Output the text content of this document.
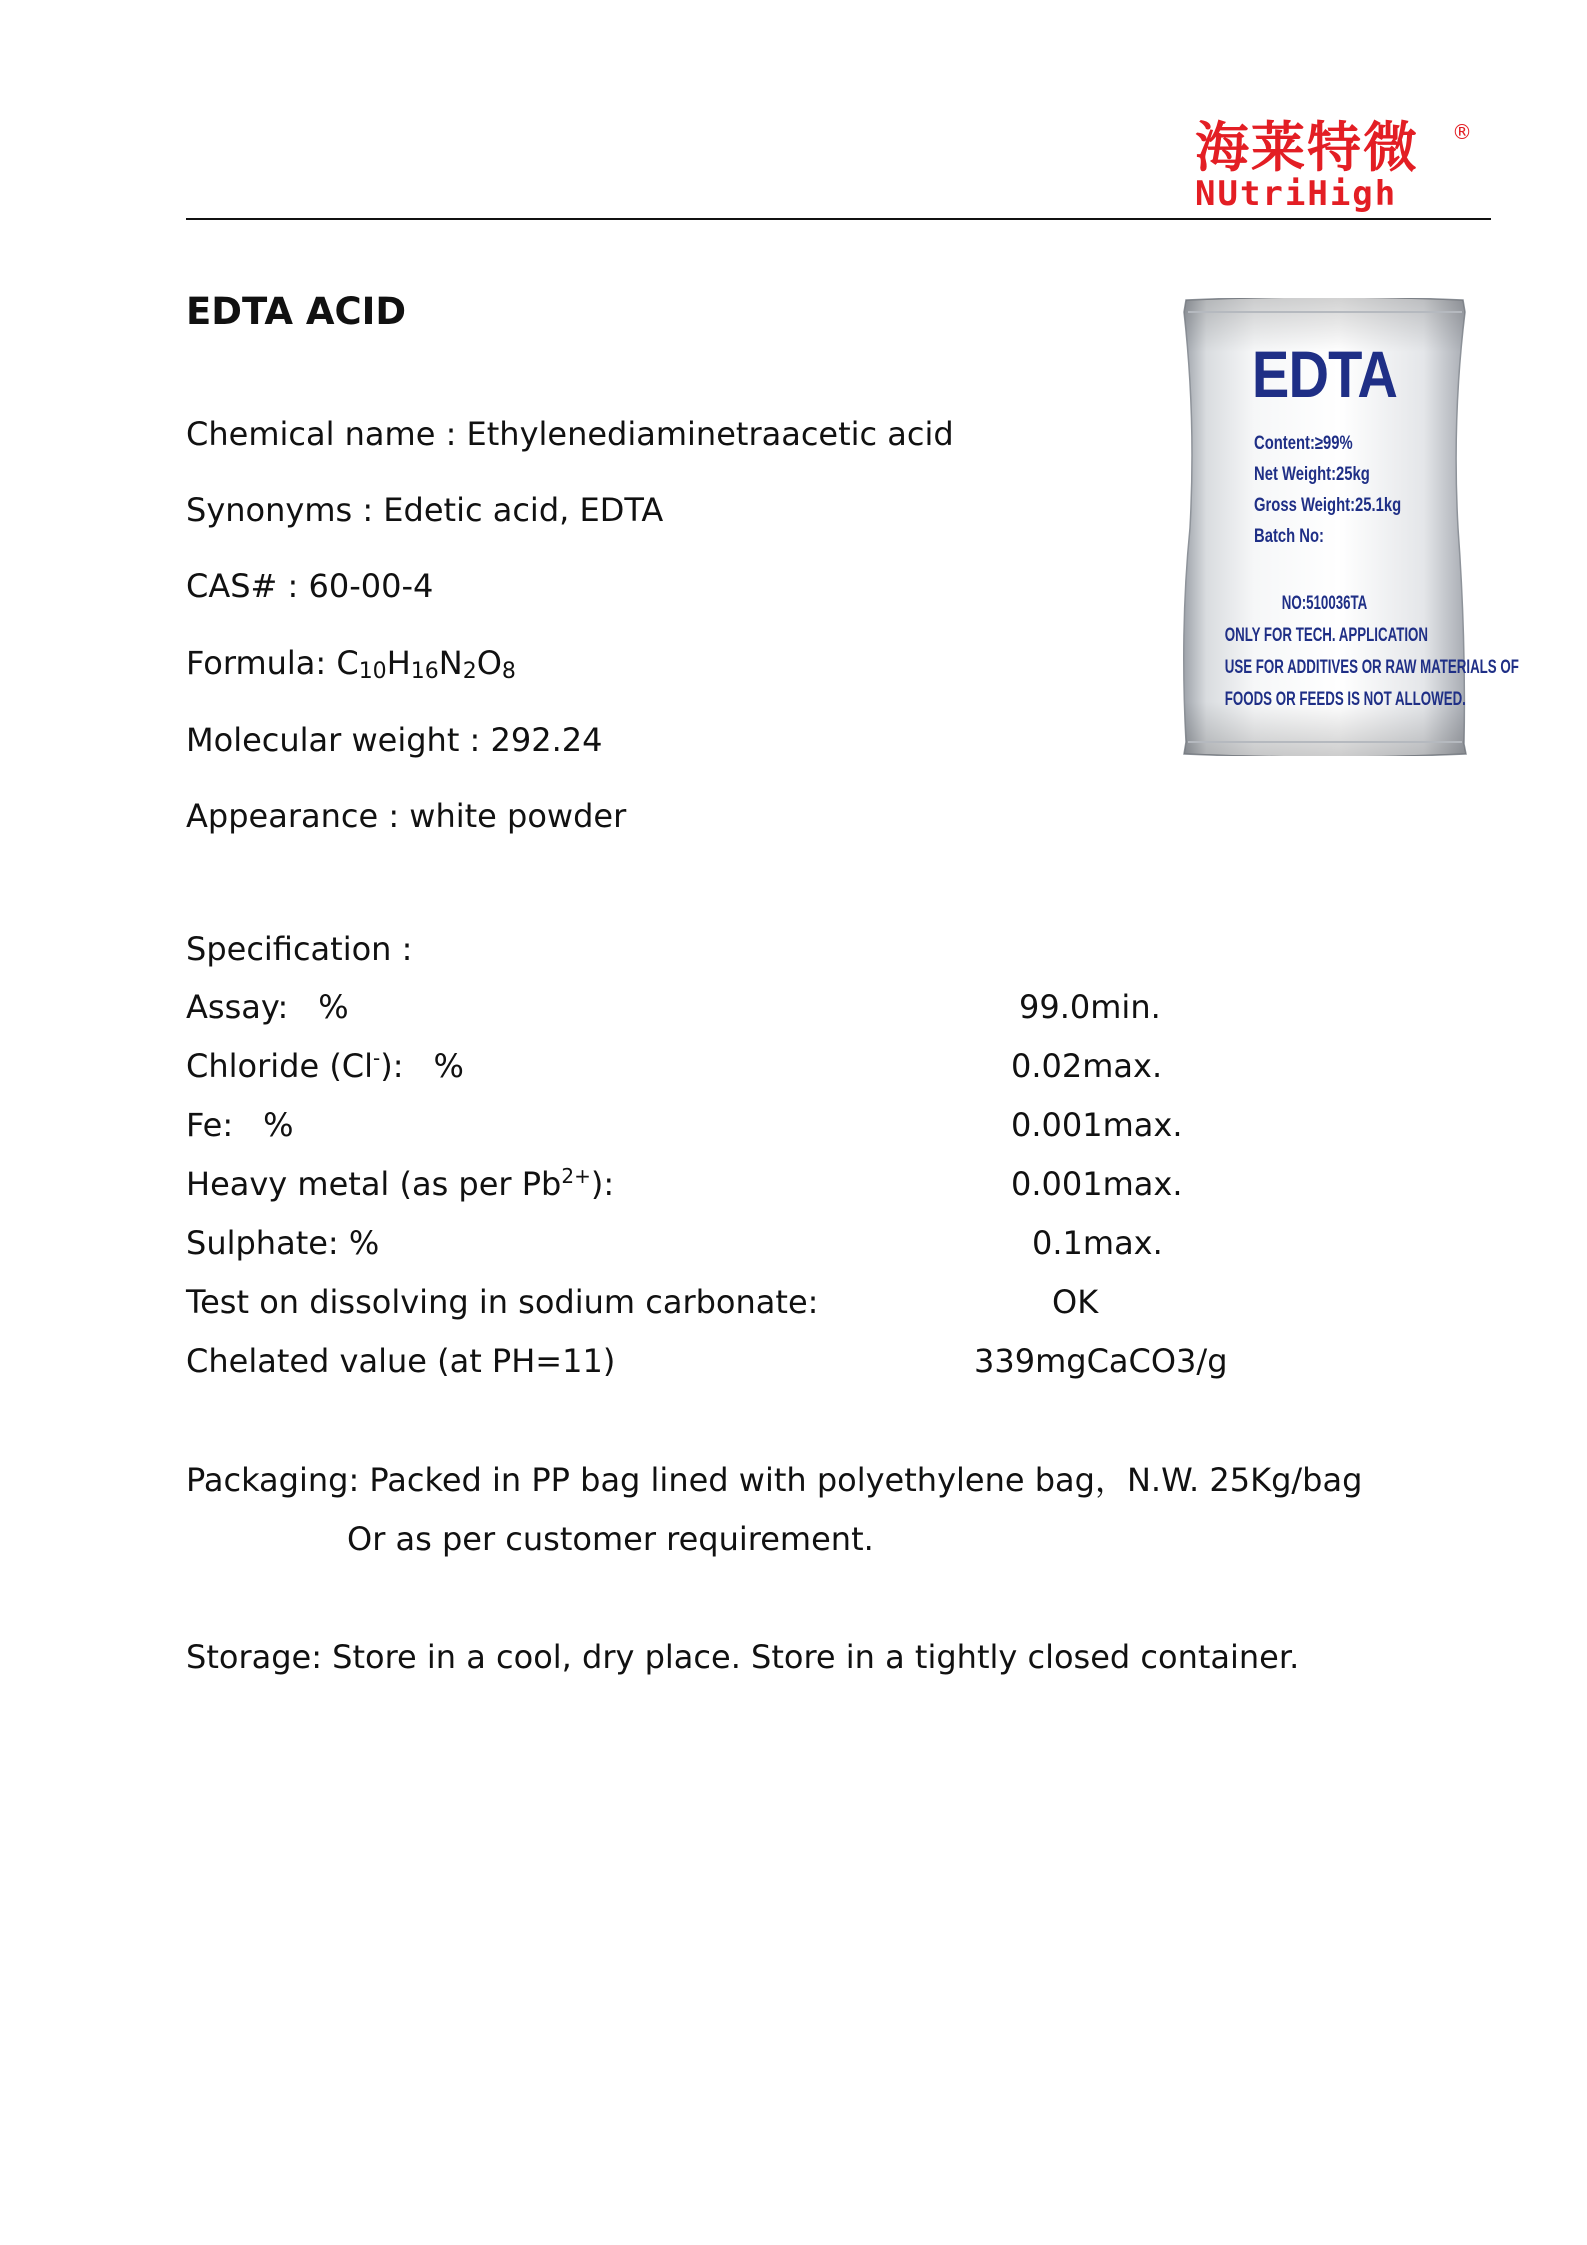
海莱特微 ®
NUtriHigh
EDTA ACID
Chemical name : Ethylenediaminetraacetic acid
Synonyms : Edetic acid, EDTA
CAS# : 60-00-4
Formula: $C_{10}H_{16}N_2O_8$
Molecular weight : 292.24
Appearance : white powder
Specification :
Assay: %	99.0min.
Chloride (Cl-): %	0.02max.
Fe: %	0.001max.
Heavy metal (as per $Pb^{2+}$):	0.001max.
Sulphate: %	0.1max.
Test on dissolving in sodium carbonate:	OK
Chelated value (at PH=11)	339mgCaCO3/g
Packaging: Packed in PP bag lined with polyethylene bag，N.W. 25Kg/bag
Or as per customer requirement.
Storage: Store in a cool, dry place. Store in a tightly closed container.
EDTA
Content:≥99%
Net Weight:25kg
Gross Weight:25.1kg
Batch No:
NO:510036TA
ONLY FOR TECH. APPLICATION
USE FOR ADDITIVES OR RAW MATERIALS OF
FOODS OR FEEDS IS NOT ALLOWED.
